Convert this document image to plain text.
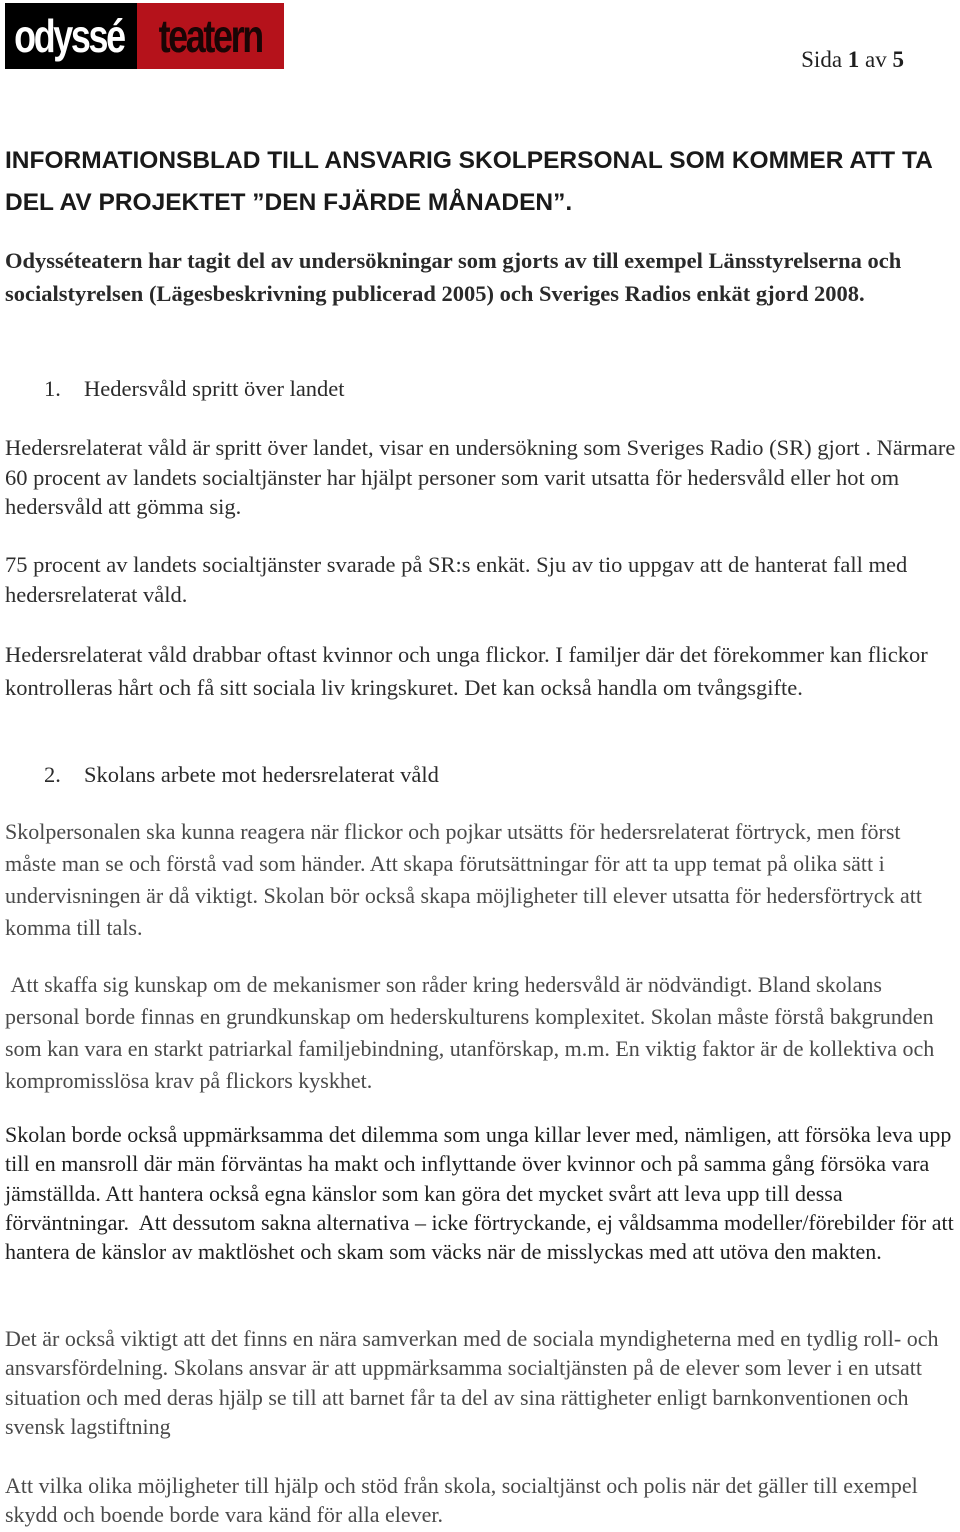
odyssé teatern	Sida 1 av 5
INFORMATIONSBLAD TILL ANSVARIG SKOLPERSONAL SOM KOMMER ATT TA DEL AV PROJEKTET ”DEN FJÄRDE MÅNADEN”.

Odysséteatern har tagit del av undersökningar som gjorts av till exempel Länsstyrelserna och socialstyrelsen (Lägesbeskrivning publicerad 2005) och Sveriges Radios enkät gjord 2008.

1. Hedersvåld spritt över landet

Hedersrelaterat våld är spritt över landet, visar en undersökning som Sveriges Radio (SR) gjort . Närmare 60 procent av landets socialtjänster har hjälpt personer som varit utsatta för hedersvåld eller hot om hedersvåld att gömma sig.

75 procent av landets socialtjänster svarade på SR:s enkät. Sju av tio uppgav att de hanterat fall med hedersrelaterat våld.

Hedersrelaterat våld drabbar oftast kvinnor och unga flickor. I familjer där det förekommer kan flickor kontrolleras hårt och få sitt sociala liv kringskuret. Det kan också handla om tvångsgifte.

2. Skolans arbete mot hedersrelaterat våld

Skolpersonalen ska kunna reagera när flickor och pojkar utsätts för hedersrelaterat förtryck, men först måste man se och förstå vad som händer. Att skapa förutsättningar för att ta upp temat på olika sätt i undervisningen är då viktigt. Skolan bör också skapa möjligheter till elever utsatta för hedersförtryck att komma till tals.

Att skaffa sig kunskap om de mekanismer son råder kring hedersvåld är nödvändigt. Bland skolans personal borde finnas en grundkunskap om hederskulturens komplexitet. Skolan måste förstå bakgrunden som kan vara en starkt patriarkal familjebindning, utanförskap, m.m. En viktig faktor är de kollektiva och kompromisslösa krav på flickors kyskhet.

Skolan borde också uppmärksamma det dilemma som unga killar lever med, nämligen, att försöka leva upp till en mansroll där män förväntas ha makt och inflyttande över kvinnor och på samma gång försöka vara jämställda. Att hantera också egna känslor som kan göra det mycket svårt att leva upp till dessa förväntningar.  Att dessutom sakna alternativa – icke förtryckande, ej våldsamma modeller/förebilder för att hantera de känslor av maktlöshet och skam som väcks när de misslyckas med att utöva den makten.

Det är också viktigt att det finns en nära samverkan med de sociala myndigheterna med en tydlig roll- och ansvarsfördelning. Skolans ansvar är att uppmärksamma socialtjänsten på de elever som lever i en utsatt situation och med deras hjälp se till att barnet får ta del av sina rättigheter enligt barnkonventionen och svensk lagstiftning

Att vilka olika möjligheter till hjälp och stöd från skola, socialtjänst och polis när det gäller till exempel skydd och boende borde vara känd för alla elever.
